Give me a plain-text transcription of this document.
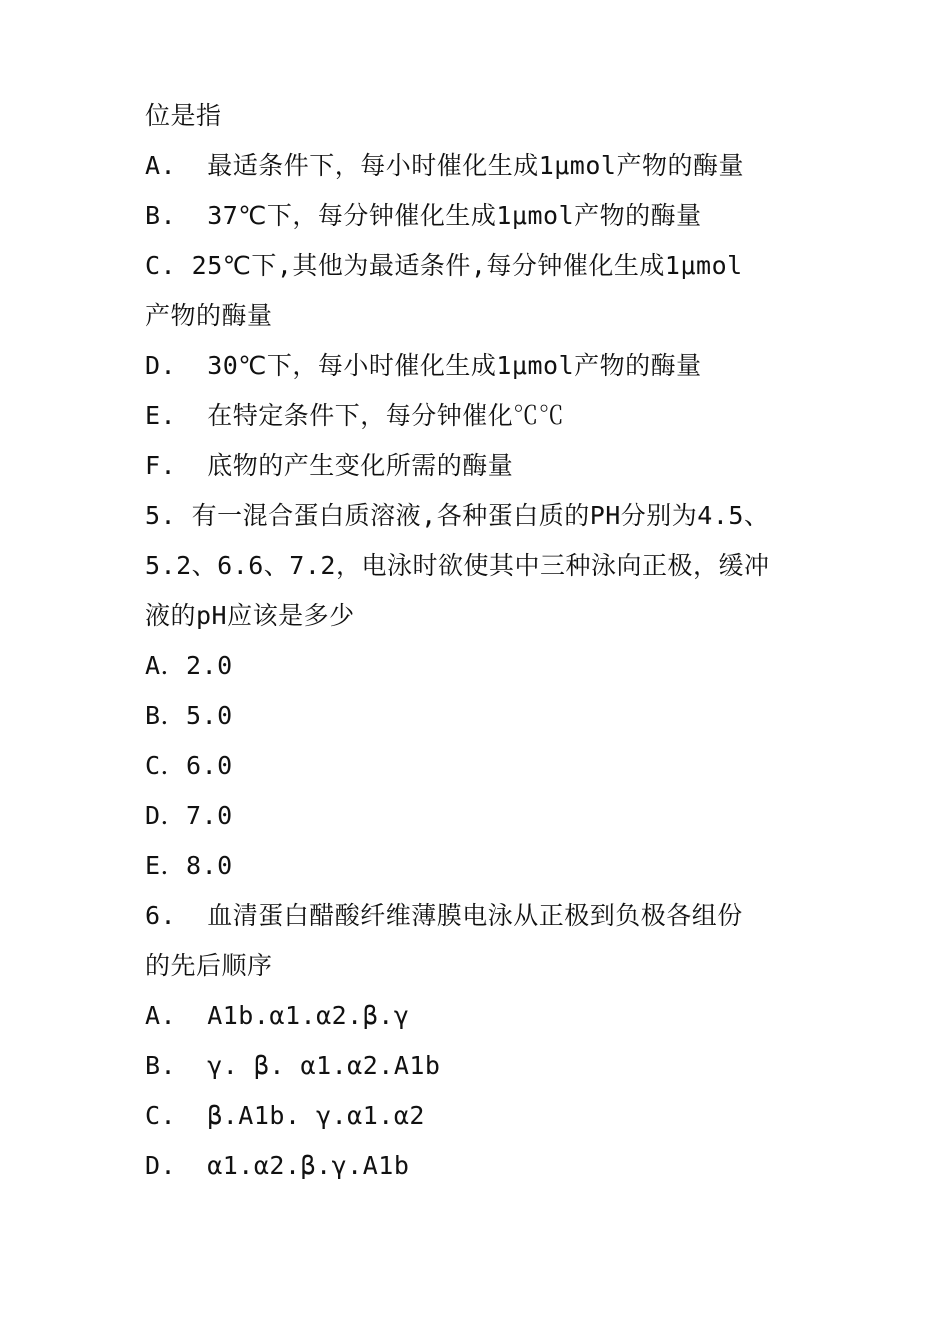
位是指
A.  最适条件下，每小时催化生成1μmol产物的酶量
B.  37℃下，每分钟催化生成1μmol产物的酶量
C. 25℃下,其他为最适条件,每分钟催化生成1μmol
产物的酶量
D.  30℃下，每小时催化生成1μmol产物的酶量
E.  在特定条件下，每分钟催化℃℃
F.  底物的产生变化所需的酶量
5. 有一混合蛋白质溶液,各种蛋白质的PH分别为4.5、
5.2、6.6、7.2，电泳时欲使其中三种泳向正极，缓冲
液的pH应该是多少
A．2.0
B．5.0
C．6.0
D．7.0
E．8.0
6.  血清蛋白醋酸纤维薄膜电泳从正极到负极各组份
的先后顺序
A.  A1b.α1.α2.β.γ
B.  γ. β. α1.α2.A1b
C.  β.A1b. γ.α1.α2
D.  α1.α2.β.γ.A1b
